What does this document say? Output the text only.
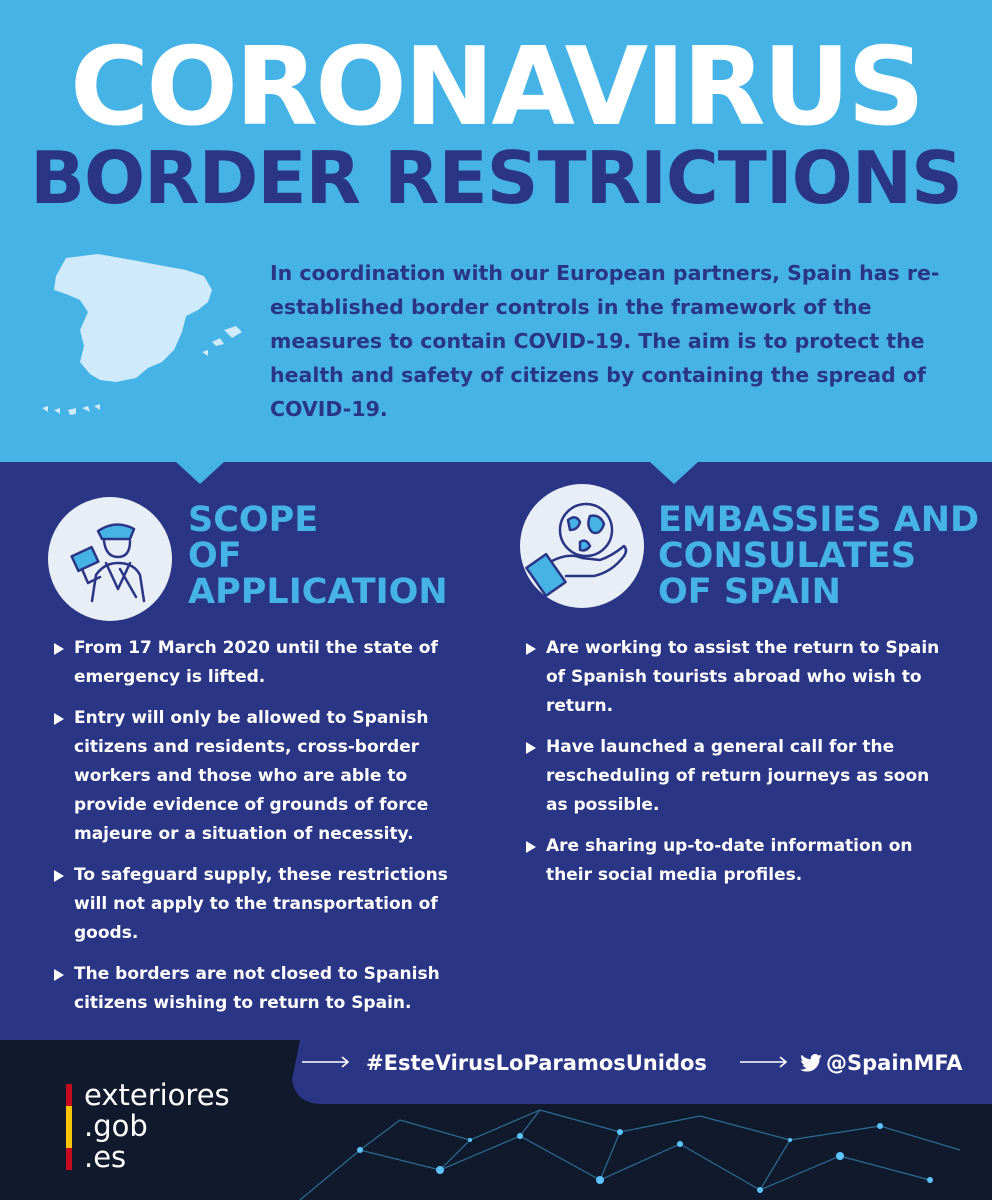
CORONAVIRUS
BORDER RESTRICTIONS
In coordination with our European partners, Spain has re-established border controls in the framework of the measures to contain COVID-19. The aim is to protect the health and safety of citizens by containing the spread of COVID-19.
SCOPE
OF
APPLICATION
From 17 March 2020 until the state of emergency is lifted.
Entry will only be allowed to Spanish citizens and residents, cross-border workers and those who are able to provide evidence of grounds of force majeure or a situation of necessity.
To safeguard supply, these restrictions will not apply to the transportation of goods.
The borders are not closed to Spanish citizens wishing to return to Spain.
EMBASSIES AND
CONSULATES
OF SPAIN
Are working to assist the return to Spain of Spanish tourists abroad who wish to return.
Have launched a general call for the rescheduling of return journeys as soon as possible.
Are sharing up-to-date information on their social media profiles.
#EsteVirusLoParamosUnidos	@SpainMFA
exteriores
.gob
.es
